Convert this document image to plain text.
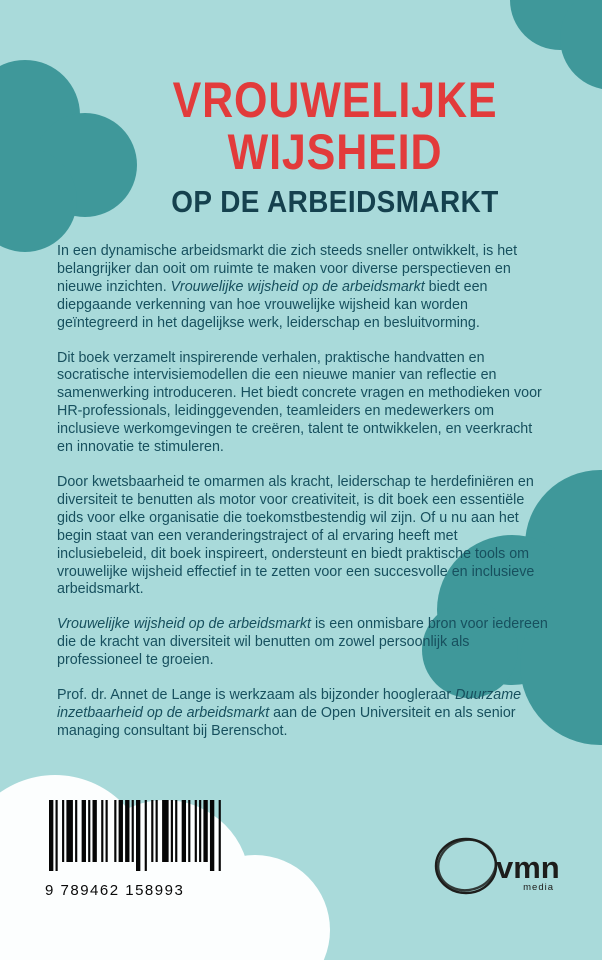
VROUWELIJKE
WIJSHEID
OP DE ARBEIDSMARKT

In een dynamische arbeidsmarkt die zich steeds sneller ontwikkelt, is het belangrijker dan ooit om ruimte te maken voor diverse perspectieven en nieuwe inzichten. Vrouwelijke wijsheid op de arbeidsmarkt biedt een diepgaande verkenning van hoe vrouwelijke wijsheid kan worden geïntegreerd in het dagelijkse werk, leiderschap en besluitvorming.

Dit boek verzamelt inspirerende verhalen, praktische handvatten en socratische intervisiemodellen die een nieuwe manier van reflectie en samenwerking introduceren. Het biedt concrete vragen en methodieken voor HR-professionals, leidinggevenden, teamleiders en medewerkers om inclusieve werkomgevingen te creëren, talent te ontwikkelen, en veerkracht en innovatie te stimuleren.

Door kwetsbaarheid te omarmen als kracht, leiderschap te herdefiniëren en diversiteit te benutten als motor voor creativiteit, is dit boek een essentiële gids voor elke organisatie die toekomstbestendig wil zijn. Of u nu aan het begin staat van een veranderingstraject of al ervaring heeft met inclusiebeleid, dit boek inspireert, ondersteunt en biedt praktische tools om vrouwelijke wijsheid effectief in te zetten voor een succesvolle en inclusieve arbeidsmarkt.

Vrouwelijke wijsheid op de arbeidsmarkt is een onmisbare bron voor iedereen die de kracht van diversiteit wil benutten om zowel persoonlijk als professioneel te groeien.

Prof. dr. Annet de Lange is werkzaam als bijzonder hoogleraar Duurzame inzetbaarheid op de arbeidsmarkt aan de Open Universiteit en als senior managing consultant bij Berenschot.

9 789462 158993
vmn
media
